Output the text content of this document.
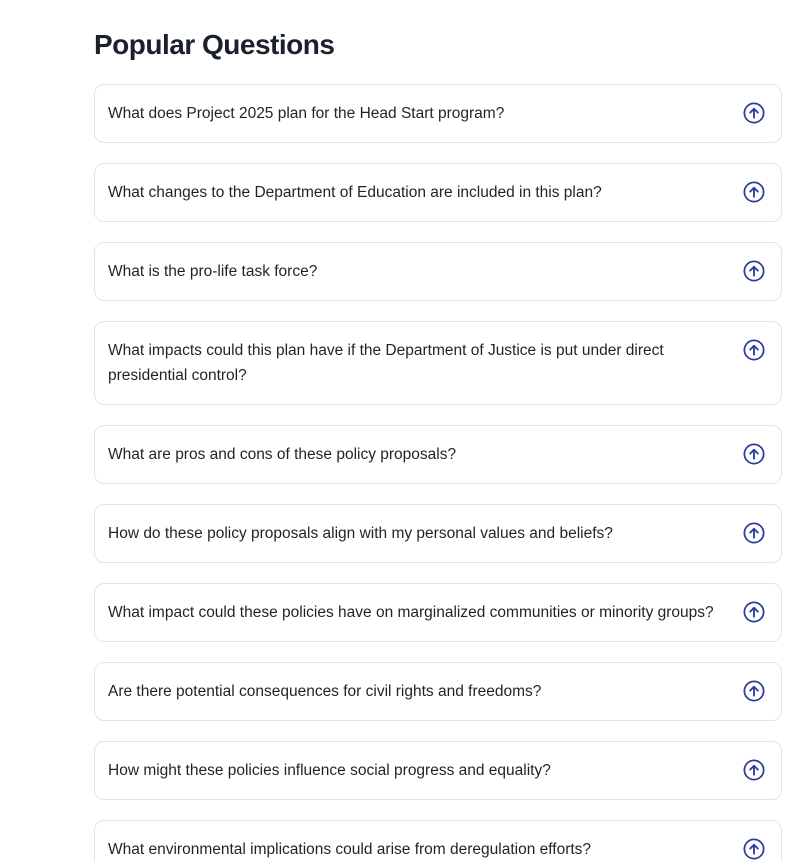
Popular Questions
What does Project 2025 plan for the Head Start program?
What changes to the Department of Education are included in this plan?
What is the pro-life task force?
What impacts could this plan have if the Department of Justice is put under direct presidential control?
What are pros and cons of these policy proposals?
How do these policy proposals align with my personal values and beliefs?
What impact could these policies have on marginalized communities or minority groups?
Are there potential consequences for civil rights and freedoms?
How might these policies influence social progress and equality?
What environmental implications could arise from deregulation efforts?
